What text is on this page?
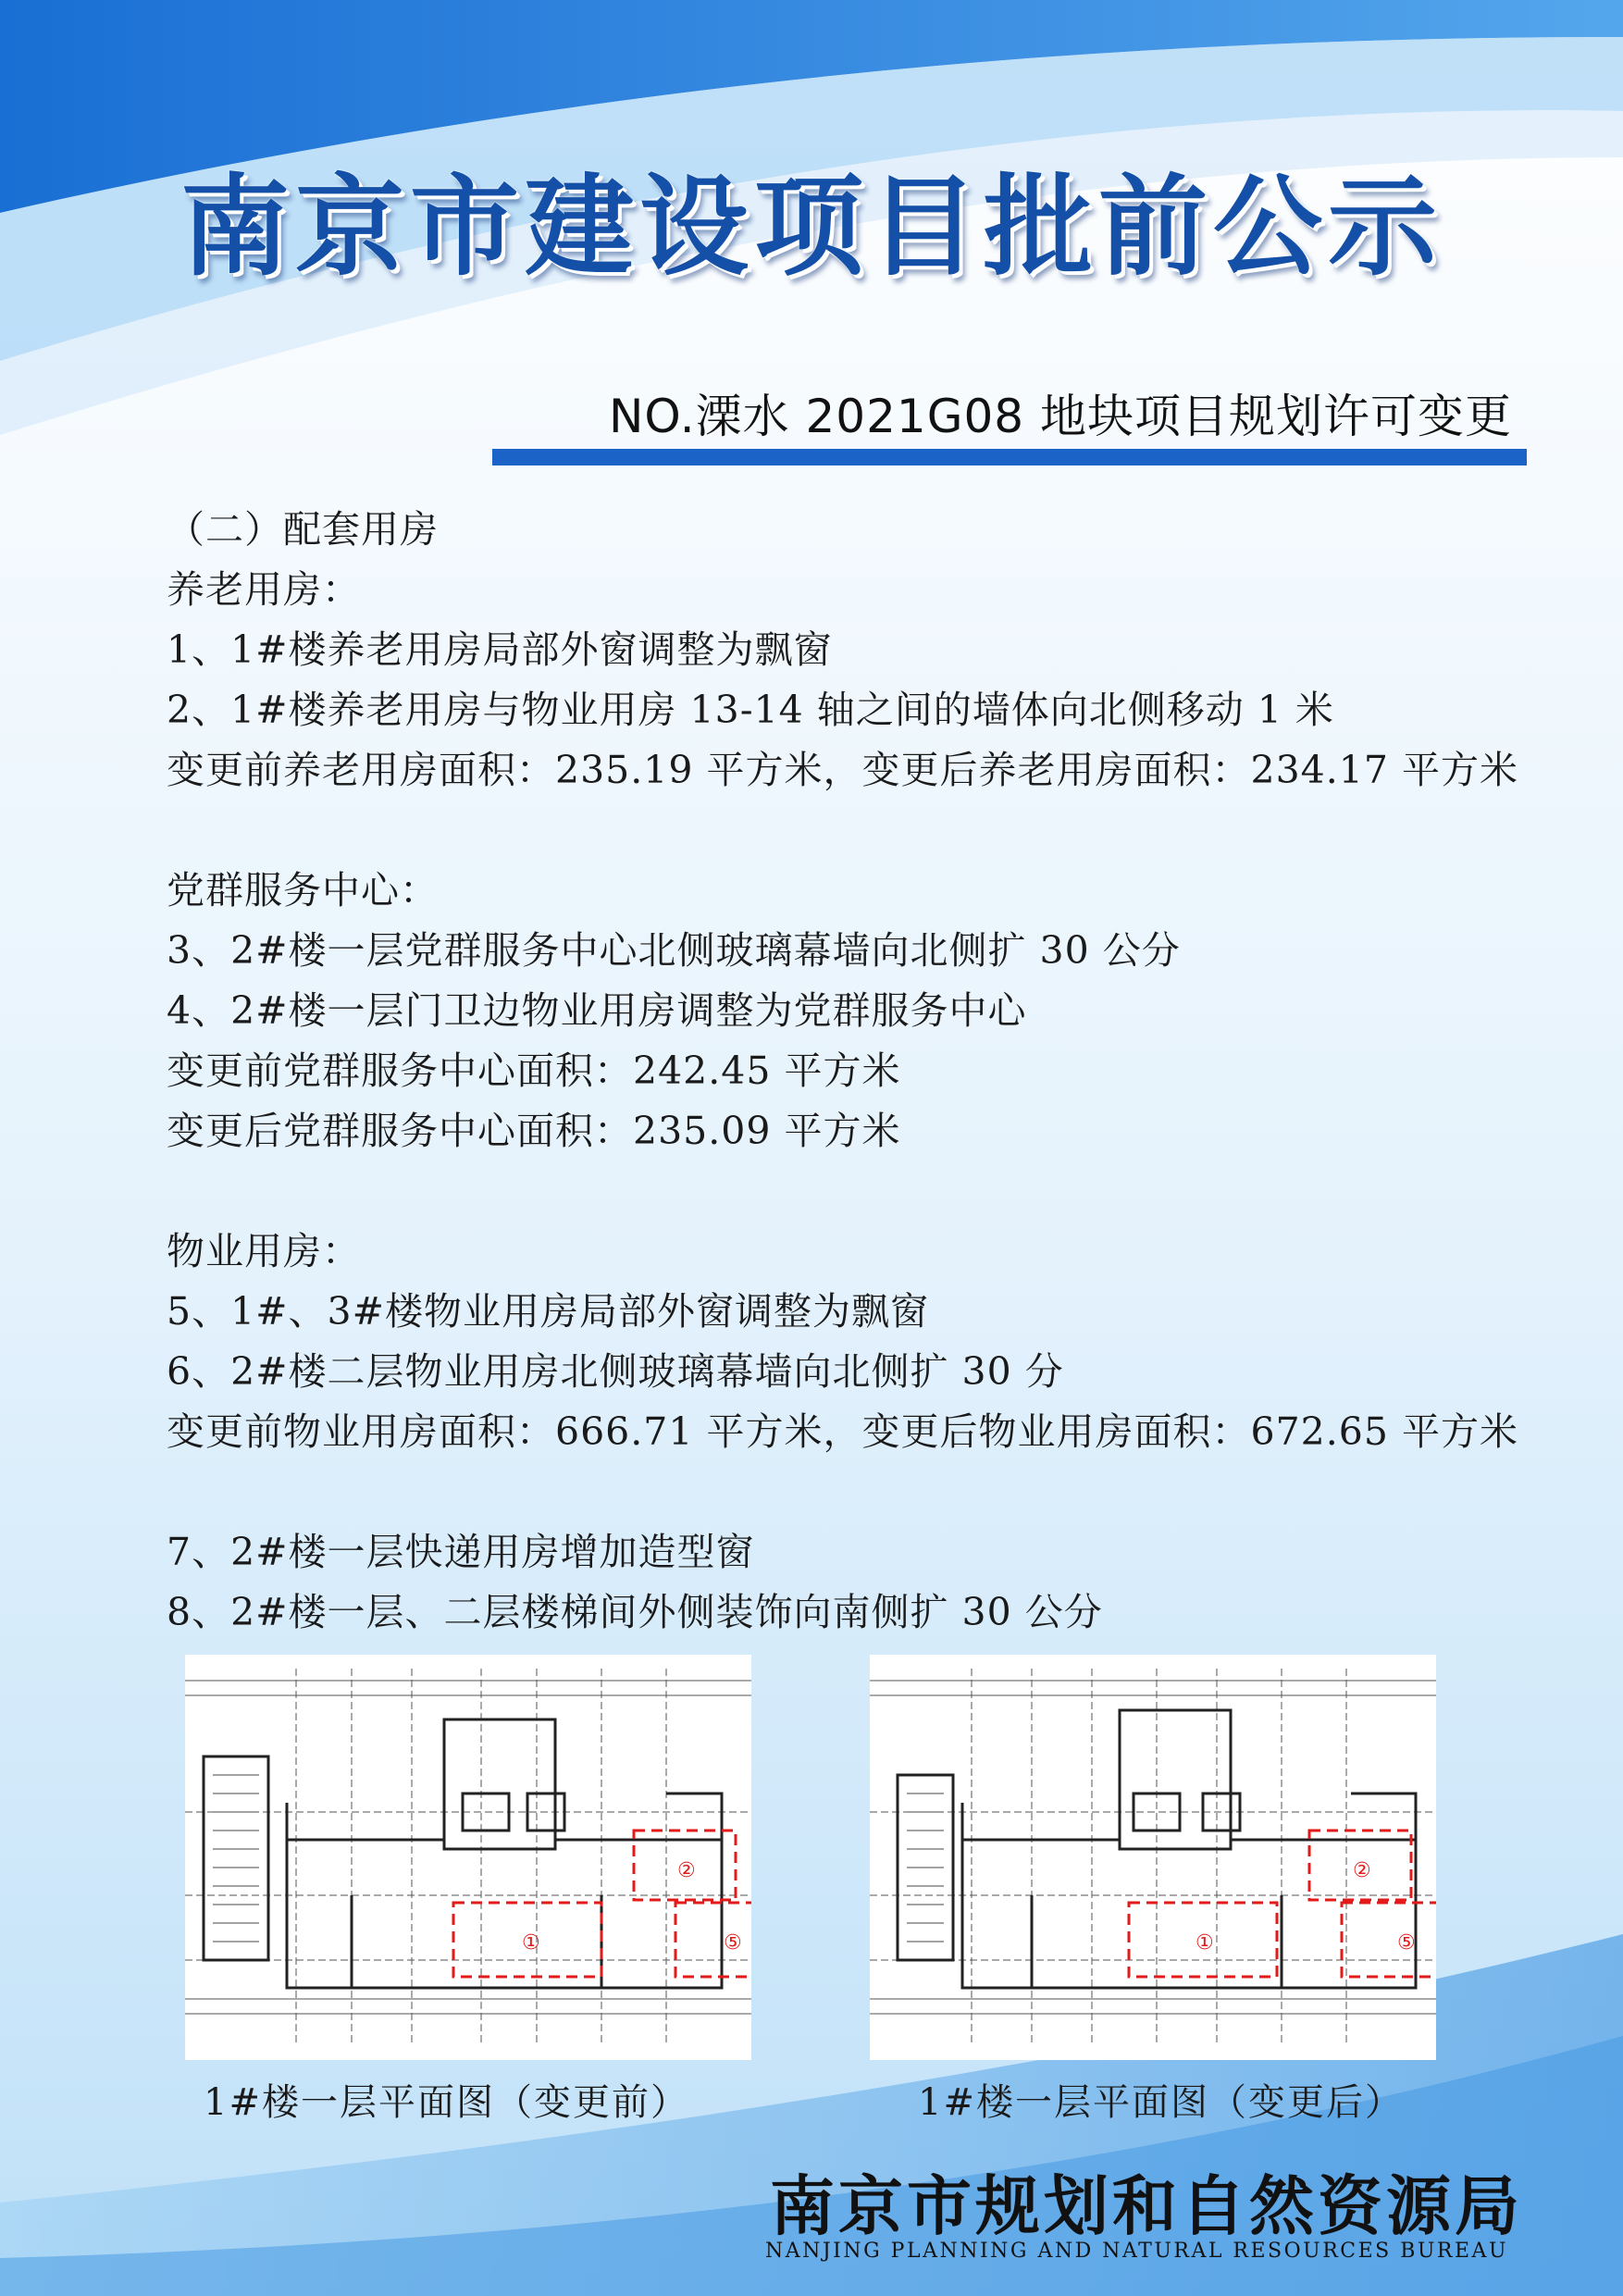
南京市建设项目批前公示
NO.溧水 2021G08 地块项目规划许可变更
（二）配套用房
养老用房：
1、1#楼养老用房局部外窗调整为飘窗
2、1#楼养老用房与物业用房 13-14 轴之间的墙体向北侧移动 1 米
变更前养老用房面积：235.19 平方米，变更后养老用房面积：234.17 平方米
党群服务中心：
3、2#楼一层党群服务中心北侧玻璃幕墙向北侧扩 30 公分
4、2#楼一层门卫边物业用房调整为党群服务中心
变更前党群服务中心面积：242.45 平方米
变更后党群服务中心面积：235.09 平方米
物业用房：
5、1#、3#楼物业用房局部外窗调整为飘窗
6、2#楼二层物业用房北侧玻璃幕墙向北侧扩 30 分
变更前物业用房面积：666.71 平方米，变更后物业用房面积：672.65 平方米
7、2#楼一层快递用房增加造型窗
8、2#楼一层、二层楼梯间外侧装饰向南侧扩 30 公分
①
②
⑤	①
②
⑤
1#楼一层平面图（变更前）	1#楼一层平面图（变更后）
南京市规划和自然资源局
NANJING PLANNING AND NATURAL RESOURCES BUREAU
